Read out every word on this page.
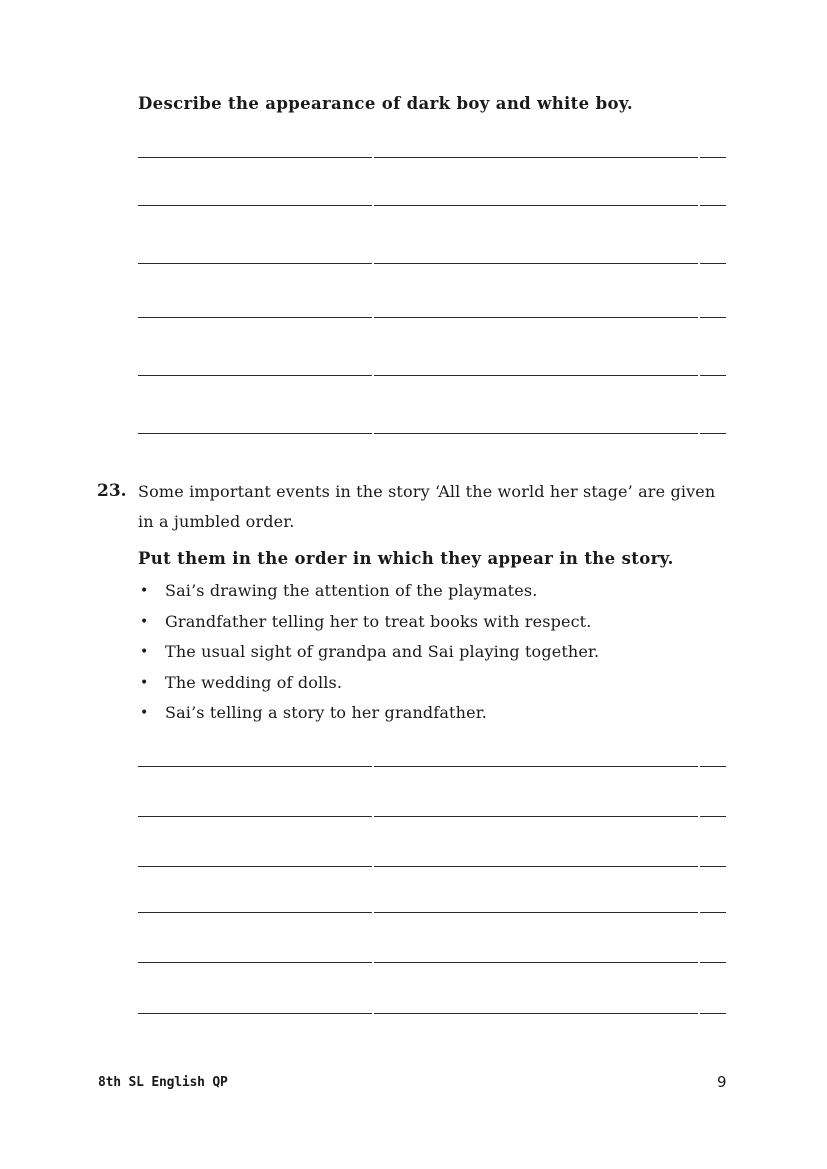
Describe the appearance of dark boy and white boy.
23. Some important events in the story ‘All the world her stage’ are given
in a jumbled order.
Put them in the order in which they appear in the story.
• Sai’s drawing the attention of the playmates.
• Grandfather telling her to treat books with respect.
• The usual sight of grandpa and Sai playing together.
• The wedding of dolls.
• Sai’s telling a story to her grandfather.
8th SL English QP	9
